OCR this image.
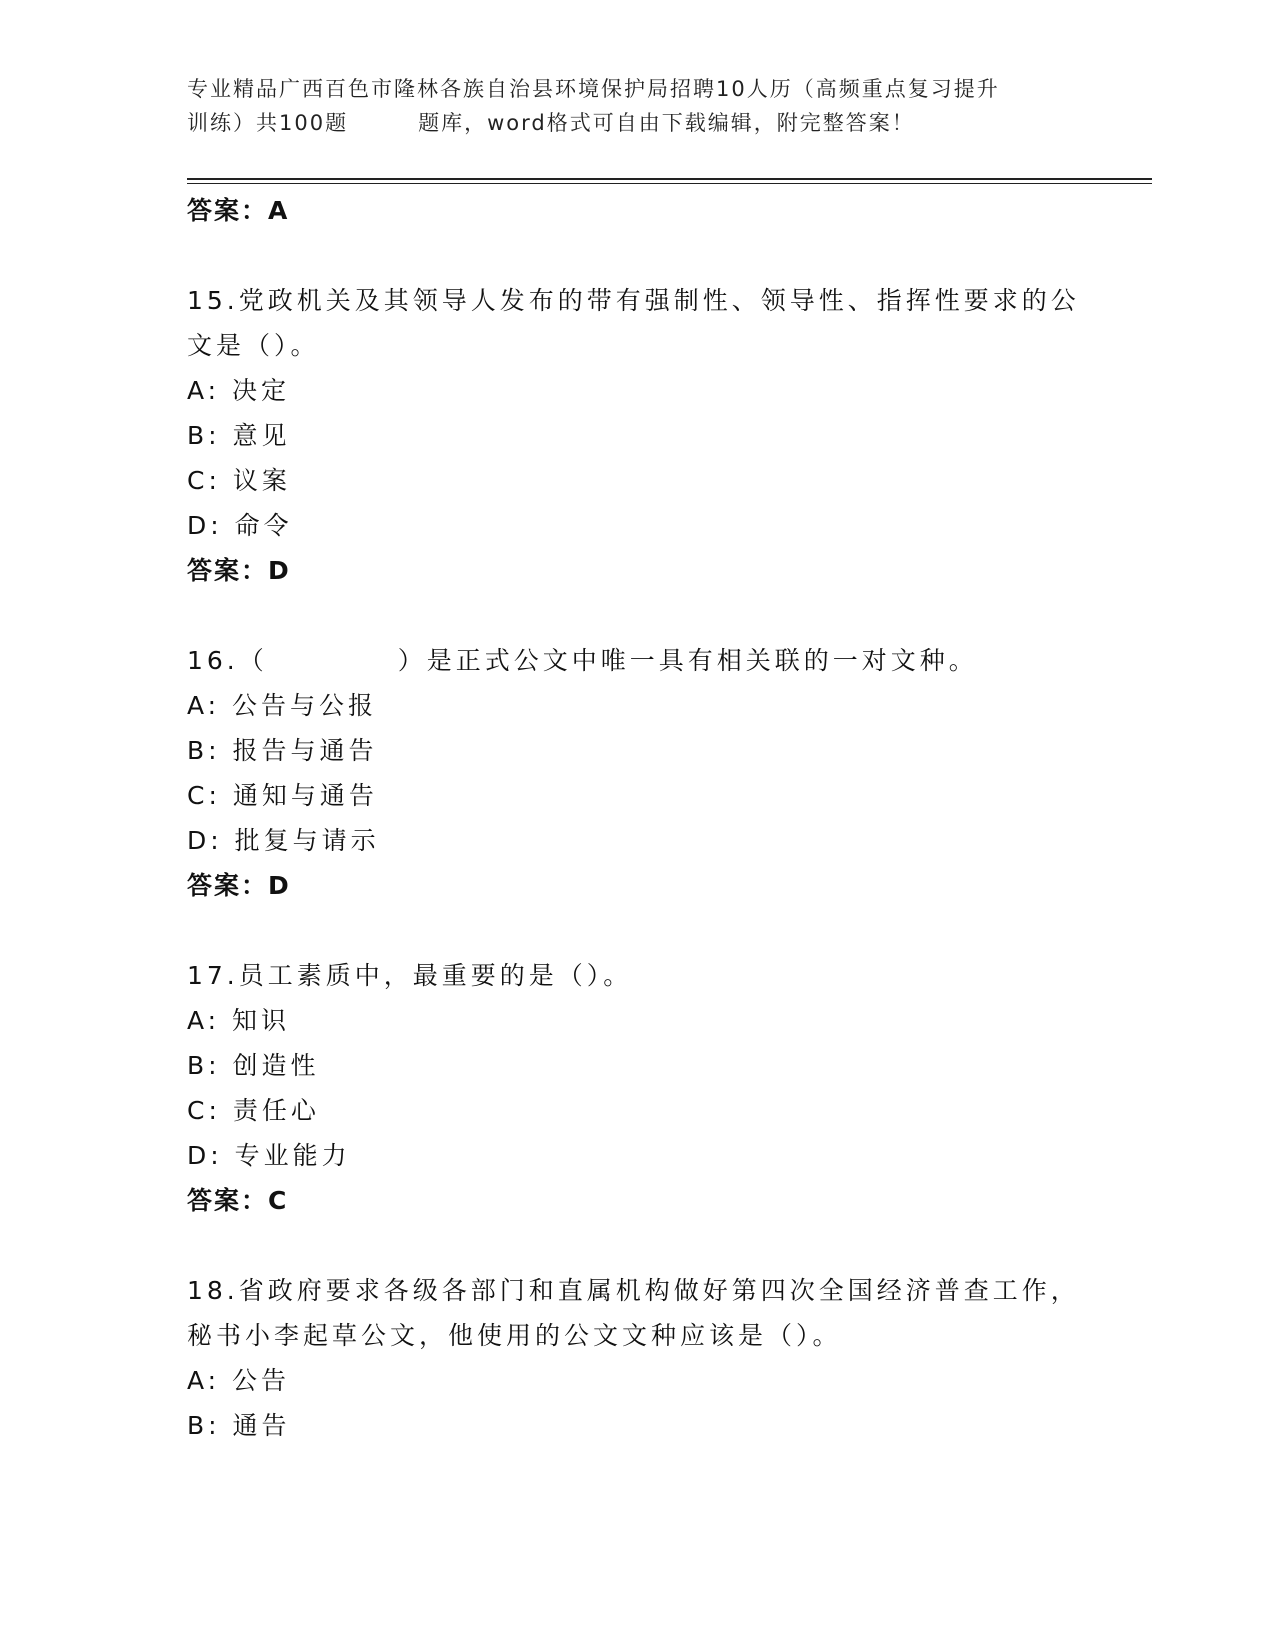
专业精品广西百色市隆林各族自治县环境保护局招聘10人历（高频重点复习提升
训练）共100题	题库，word格式可自由下载编辑，附完整答案！
答案：A
15.党政机关及其领导人发布的带有强制性、领导性、指挥性要求的公
文是（）。
A: 决定
B: 意见
C: 议案
D: 命令
答案：D
16.（	）是正式公文中唯一具有相关联的一对文种。
A: 公告与公报
B: 报告与通告
C: 通知与通告
D: 批复与请示
答案：D
17.员工素质中，最重要的是（）。
A: 知识
B: 创造性
C: 责任心
D: 专业能力
答案：C
18.省政府要求各级各部门和直属机构做好第四次全国经济普查工作，
秘书小李起草公文，他使用的公文文种应该是（）。
A: 公告
B: 通告
